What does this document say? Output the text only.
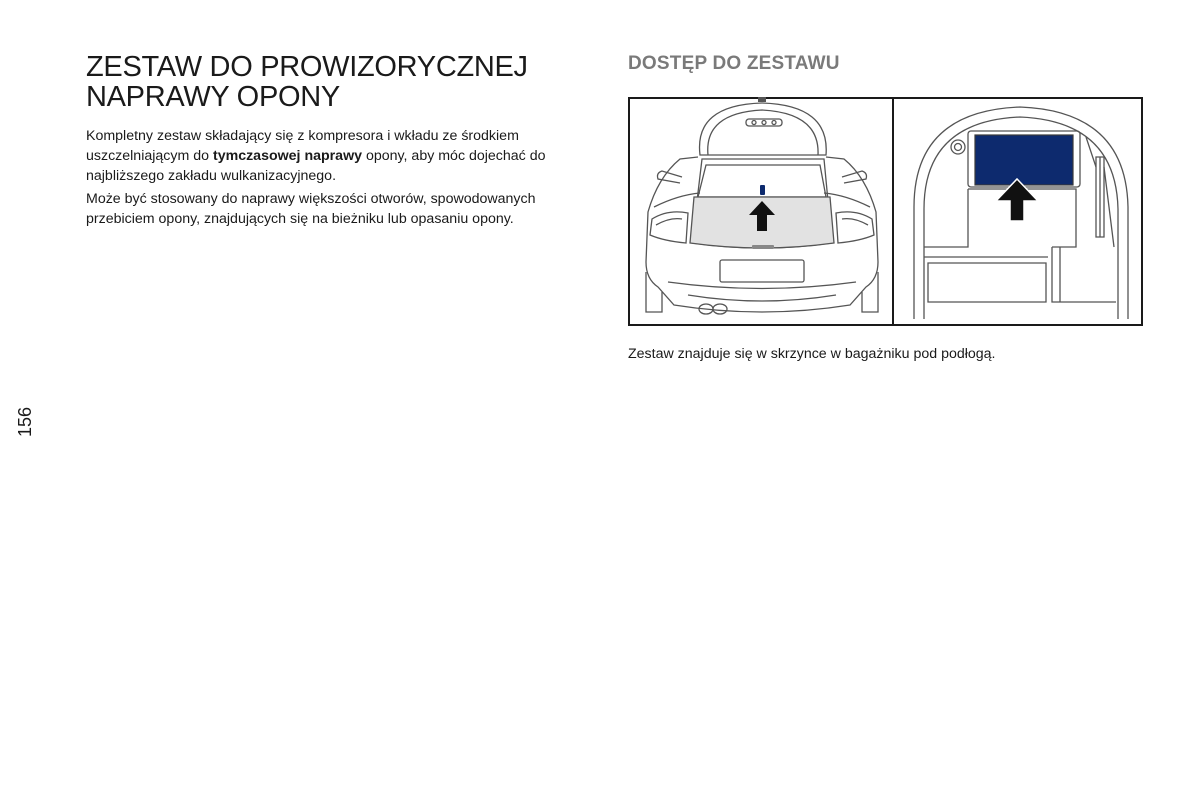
156
ZESTAW DO PROWIZORYCZNEJ
NAPRAWY OPONY

Kompletny zestaw składający się z kompresora i wkładu ze środkiem uszczelniającym do tymczasowej naprawy opony, aby móc dojechać do najbliższego zakładu wulkanizacyjnego.

Może być stosowany do naprawy większości otworów, spowodowanych przebiciem opony, znajdujących się na bieżniku lub opasaniu opony.

DOSTĘP DO ZESTAWU

Zestaw znajduje się w skrzynce w bagażniku pod podłogą.
